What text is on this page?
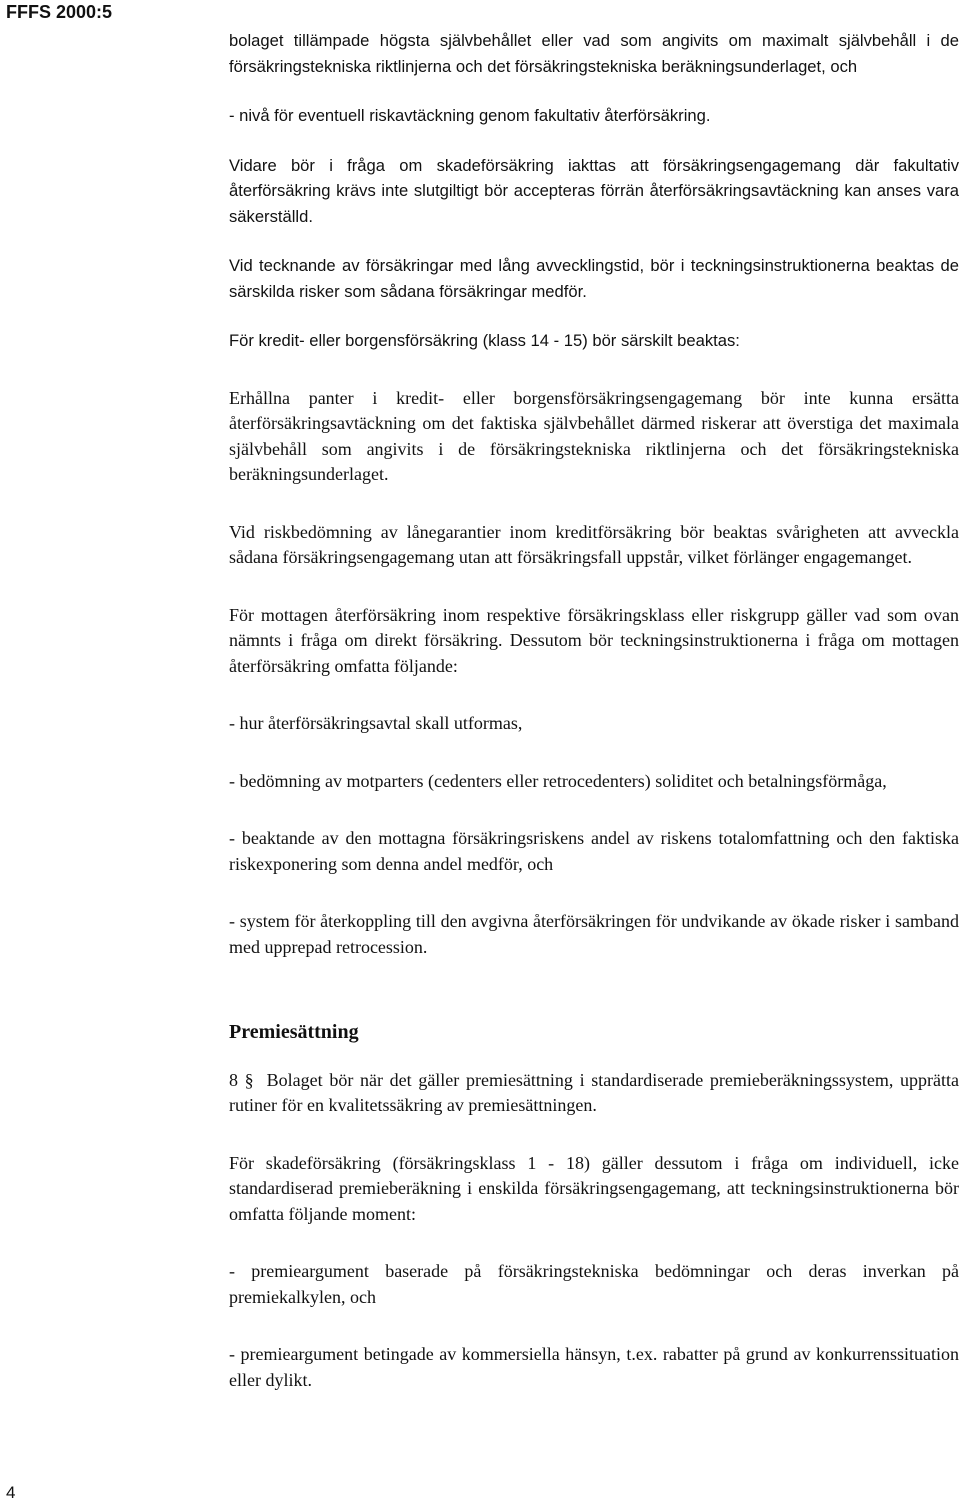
FFFS 2000:5

bolaget tillämpade högsta självbehållet eller vad som angivits om maximalt självbehåll i de försäkringstekniska riktlinjerna och det försäkringstekniska beräkningsunderlaget, och

- nivå för eventuell riskavtäckning genom fakultativ återförsäkring.

Vidare bör i fråga om skadeförsäkring iakttas att försäkringsengagemang där fakultativ återförsäkring krävs inte slutgiltigt bör accepteras förrän återförsäkringsavtäckning kan anses vara säkerställd.

Vid tecknande av försäkringar med lång avvecklingstid, bör i teckningsinstruktionerna beaktas de särskilda risker som sådana försäkringar medför.

För kredit- eller borgensförsäkring (klass 14 - 15) bör särskilt beaktas:

Erhållna panter i kredit- eller borgensförsäkringsengagemang bör inte kunna ersätta återförsäkringsavtäckning om det faktiska självbehållet därmed riskerar att överstiga det maximala självbehåll som angivits i de försäkringstekniska riktlinjerna och det försäkringstekniska beräkningsunderlaget.

Vid riskbedömning av lånegarantier inom kreditförsäkring bör beaktas svårigheten att avveckla sådana försäkringsengagemang utan att försäkringsfall uppstår, vilket förlänger engagemanget.

För mottagen återförsäkring inom respektive försäkringsklass eller riskgrupp gäller vad som ovan nämnts i fråga om direkt försäkring. Dessutom bör teckningsinstruktionerna i fråga om mottagen återförsäkring omfatta följande:

- hur återförsäkringsavtal skall utformas,

- bedömning av motparters (cedenters eller retrocedenters) soliditet och betalningsförmåga,

- beaktande av den mottagna försäkringsriskens andel av riskens totalomfattning och den faktiska riskexponering som denna andel medför, och

- system för återkoppling till den avgivna återförsäkringen för undvikande av ökade risker i samband med upprepad retrocession.

Premiesättning

8 § Bolaget bör när det gäller premiesättning i standardiserade premieberäkningssystem, upprätta rutiner för en kvalitetssäkring av premiesättningen.

För skadeförsäkring (försäkringsklass 1 - 18) gäller dessutom i fråga om individuell, icke standardiserad premieberäkning i enskilda försäkringsengagemang, att teckningsinstruktionerna bör omfatta följande moment:

- premieargument baserade på försäkringstekniska bedömningar och deras inverkan på premiekalkylen, och

- premieargument betingade av kommersiella hänsyn, t.ex. rabatter på grund av konkurrenssituation eller dylikt.

4
